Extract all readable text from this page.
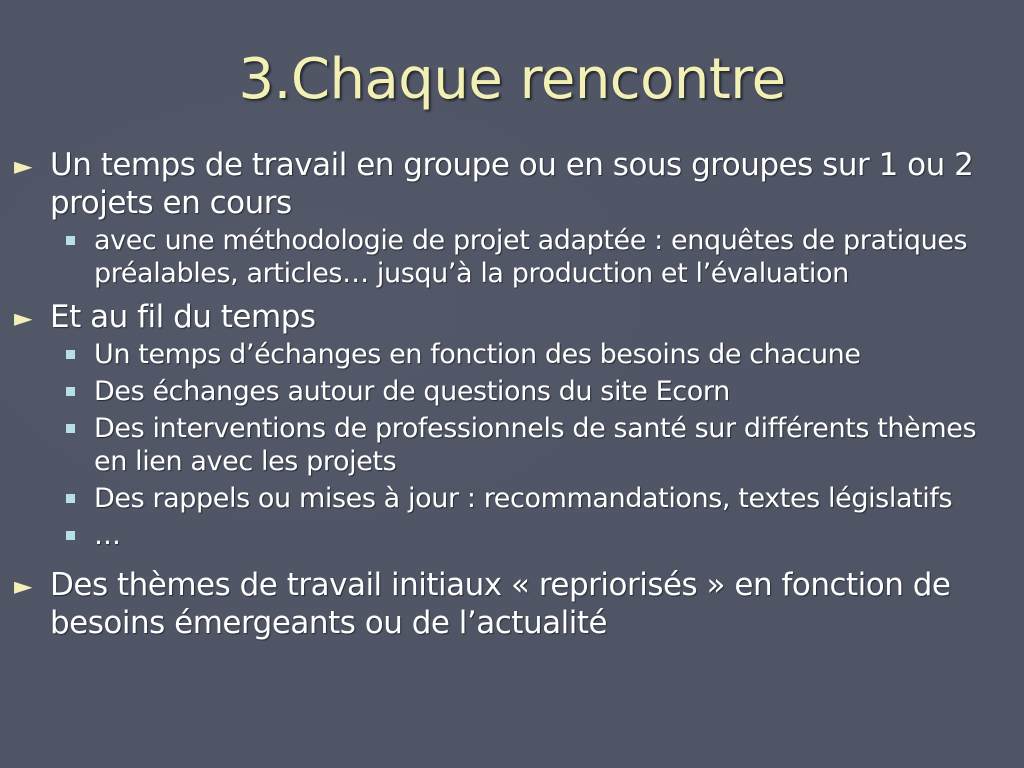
3.Chaque rencontre
► Un temps de travail en groupe ou en sous groupes sur 1 ou 2 projets en cours
avec une méthodologie de projet adaptée : enquêtes de pratiques préalables, articles… jusqu’à la production et l’évaluation
► Et au fil du temps
Un temps d’échanges en fonction des besoins de chacune
Des échanges autour de questions du site Ecorn
Des interventions de professionnels de santé sur différents thèmes en lien avec les projets
Des rappels ou mises à jour : recommandations, textes législatifs
…
► Des thèmes de travail initiaux « repriorisés » en fonction de besoins émergeants ou de l’actualité
